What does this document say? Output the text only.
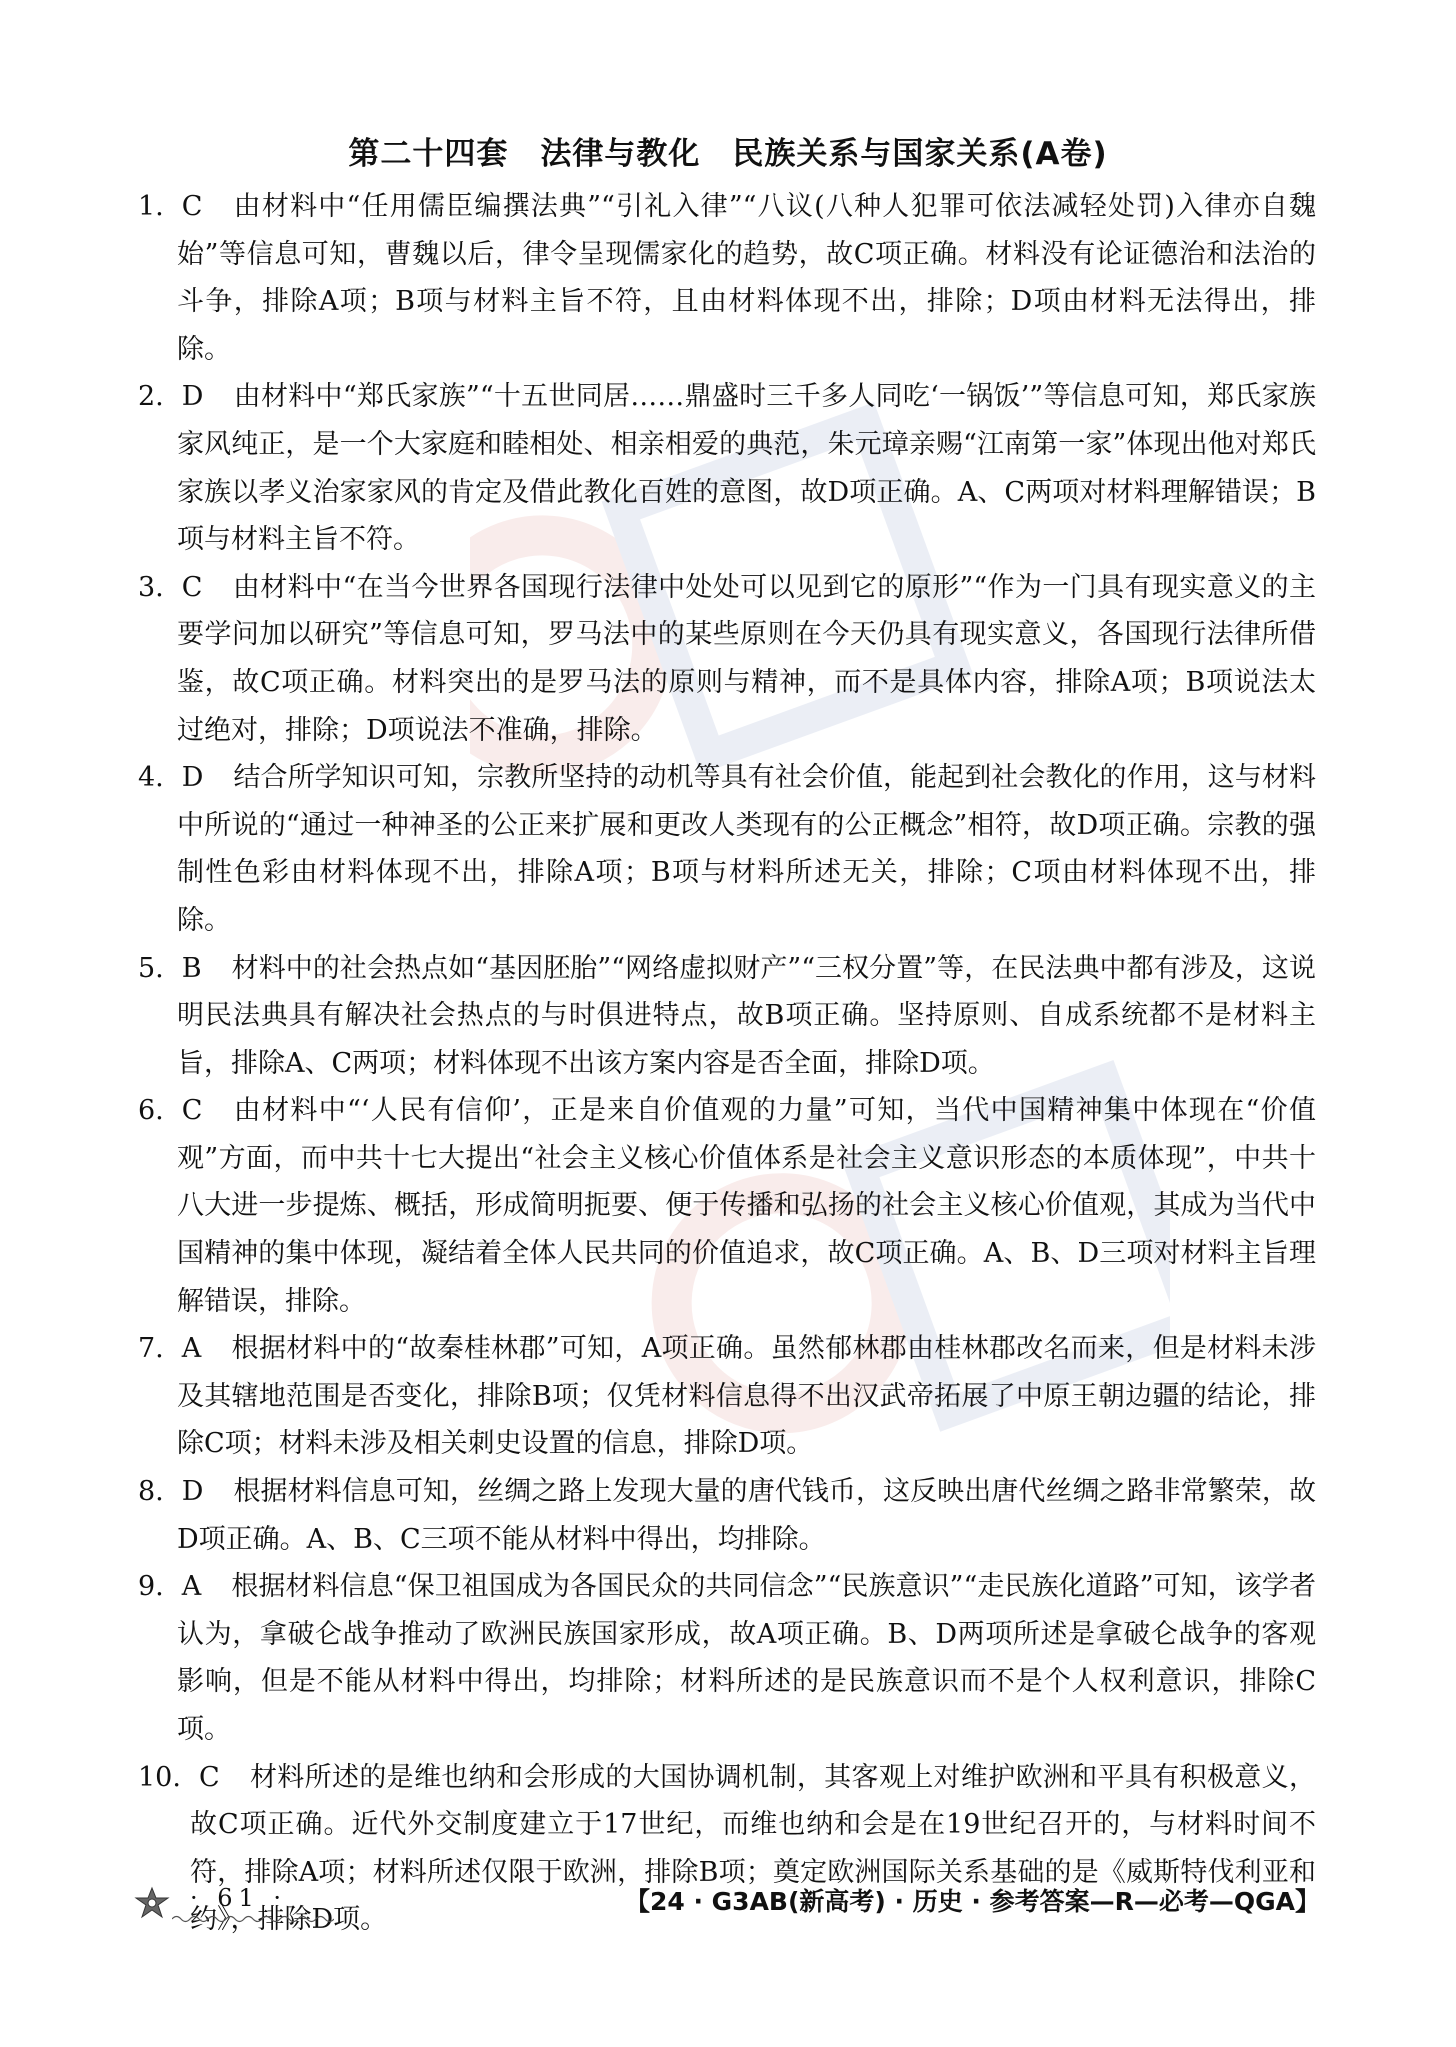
第二十四套　法律与教化　民族关系与国家关系(A卷)
1. C 由材料中“任用儒臣编撰法典”“引礼入律”“八议(八种人犯罪可依法减轻处罚)入律亦自魏始”等信息可知，曹魏以后，律令呈现儒家化的趋势，故C项正确。材料没有论证德治和法治的斗争，排除A项；B项与材料主旨不符，且由材料体现不出，排除；D项由材料无法得出，排除。
2. D 由材料中“郑氏家族”“十五世同居……鼎盛时三千多人同吃‘一锅饭’”等信息可知，郑氏家族家风纯正，是一个大家庭和睦相处、相亲相爱的典范，朱元璋亲赐“江南第一家”体现出他对郑氏家族以孝义治家家风的肯定及借此教化百姓的意图，故D项正确。A、C两项对材料理解错误；B项与材料主旨不符。
3. C 由材料中“在当今世界各国现行法律中处处可以见到它的原形”“作为一门具有现实意义的主要学问加以研究”等信息可知，罗马法中的某些原则在今天仍具有现实意义，各国现行法律所借鉴，故C项正确。材料突出的是罗马法的原则与精神，而不是具体内容，排除A项；B项说法太过绝对，排除；D项说法不准确，排除。
4. D 结合所学知识可知，宗教所坚持的动机等具有社会价值，能起到社会教化的作用，这与材料中所说的“通过一种神圣的公正来扩展和更改人类现有的公正概念”相符，故D项正确。宗教的强制性色彩由材料体现不出，排除A项；B项与材料所述无关，排除；C项由材料体现不出，排除。
5. B 材料中的社会热点如“基因胚胎”“网络虚拟财产”“三权分置”等，在民法典中都有涉及，这说明民法典具有解决社会热点的与时俱进特点，故B项正确。坚持原则、自成系统都不是材料主旨，排除A、C两项；材料体现不出该方案内容是否全面，排除D项。
6. C 由材料中“‘人民有信仰’，正是来自价值观的力量”可知，当代中国精神集中体现在“价值观”方面，而中共十七大提出“社会主义核心价值体系是社会主义意识形态的本质体现”，中共十八大进一步提炼、概括，形成简明扼要、便于传播和弘扬的社会主义核心价值观，其成为当代中国精神的集中体现，凝结着全体人民共同的价值追求，故C项正确。A、B、D三项对材料主旨理解错误，排除。
7. A 根据材料中的“故秦桂林郡”可知，A项正确。虽然郁林郡由桂林郡改名而来，但是材料未涉及其辖地范围是否变化，排除B项；仅凭材料信息得不出汉武帝拓展了中原王朝边疆的结论，排除C项；材料未涉及相关刺史设置的信息，排除D项。
8. D 根据材料信息可知，丝绸之路上发现大量的唐代钱币，这反映出唐代丝绸之路非常繁荣，故D项正确。A、B、C三项不能从材料中得出，均排除。
9. A 根据材料信息“保卫祖国成为各国民众的共同信念”“民族意识”“走民族化道路”可知，该学者认为，拿破仑战争推动了欧洲民族国家形成，故A项正确。B、D两项所述是拿破仑战争的客观影响，但是不能从材料中得出，均排除；材料所述的是民族意识而不是个人权利意识，排除C项。
10. C 材料所述的是维也纳和会形成的大国协调机制，其客观上对维护欧洲和平具有积极意义，故C项正确。近代外交制度建立于17世纪，而维也纳和会是在19世纪召开的，与材料时间不符，排除A项；材料所述仅限于欧洲，排除B项；奠定欧洲国际关系基础的是《威斯特伐利亚和约》，排除D项。
· 61 ·	【24 · G3AB(新高考) · 历史 · 参考答案—R—必考—QGA】
